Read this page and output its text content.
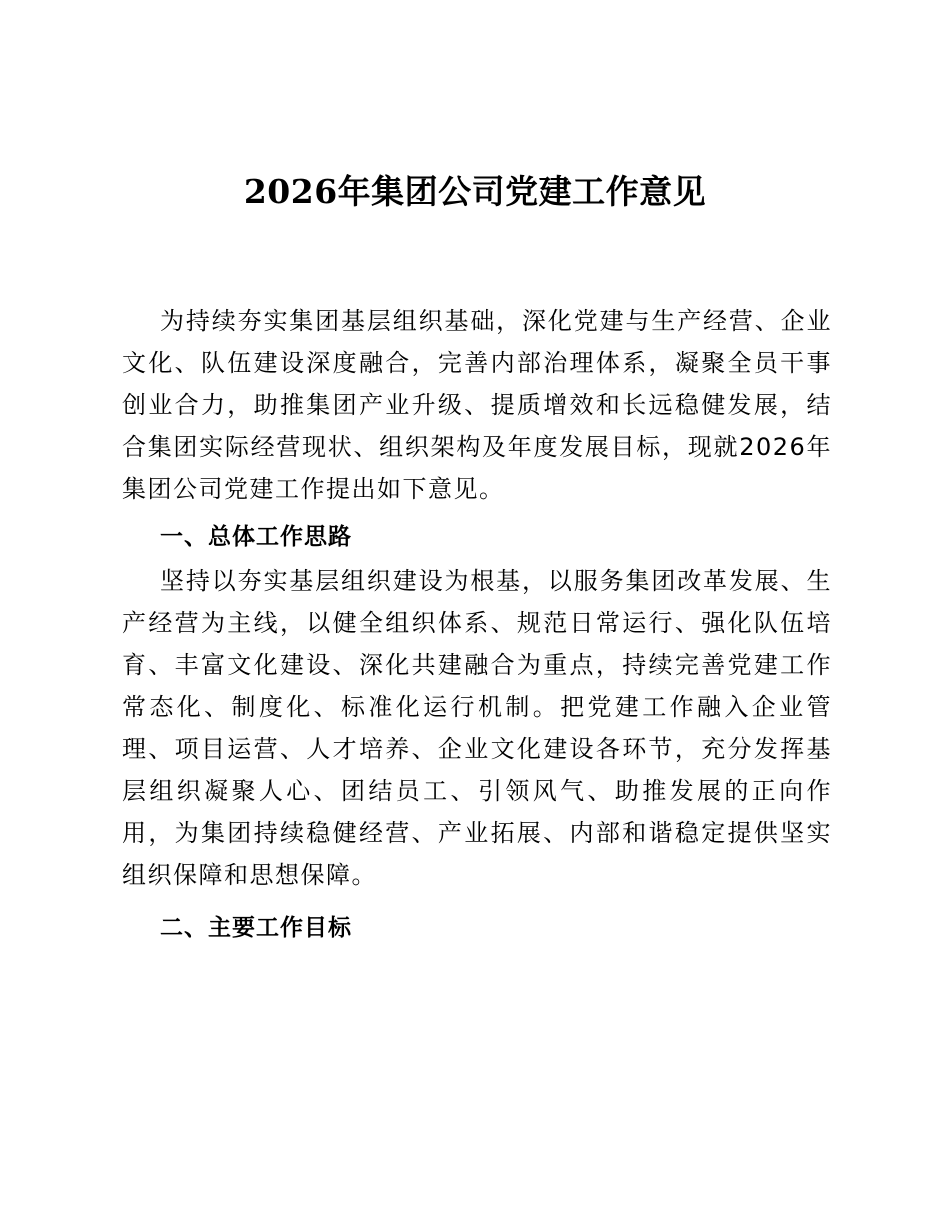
2026年集团公司党建工作意见

为持续夯实集团基层组织基础，深化党建与生产经营、企业文化、队伍建设深度融合，完善内部治理体系，凝聚全员干事创业合力，助推集团产业升级、提质增效和长远稳健发展，结合集团实际经营现状、组织架构及年度发展目标，现就2026年集团公司党建工作提出如下意见。

一、总体工作思路

坚持以夯实基层组织建设为根基，以服务集团改革发展、生产经营为主线，以健全组织体系、规范日常运行、强化队伍培育、丰富文化建设、深化共建融合为重点，持续完善党建工作常态化、制度化、标准化运行机制。把党建工作融入企业管理、项目运营、人才培养、企业文化建设各环节，充分发挥基层组织凝聚人心、团结员工、引领风气、助推发展的正向作用，为集团持续稳健经营、产业拓展、内部和谐稳定提供坚实组织保障和思想保障。

二、主要工作目标
